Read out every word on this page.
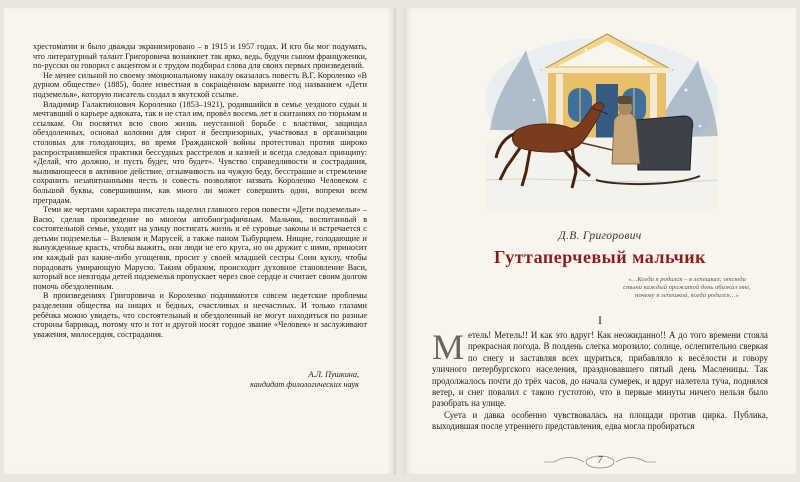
хрестоматии и было дважды экранизировано – в 1915 и 1957 годах. И кто бы мог подумать, что литературный талант Григоровича возникнет так ярко, ведь, будучи сыном француженки, по-русски он говорил с акцентом и с трудом подбирал слова для своих первых произведений.

Не менее сильной по своему эмоциональному накалу оказалась повесть В.Г. Короленко «В дурном обществе» (1885), более известная в сокращённом варианте под названием «Дети подземелья», которую писатель создал в якутской ссылке.

Владимир Галактионович Короленко (1853–1921), родившийся в семье уездного судьи и мечтавший о карьере адвоката, так и не стал им, провёл восемь лет в скитаниях по тюрьмам и ссылкам. Он посвятил всю свою жизнь неустанной борьбе с властями, защищал обездоленных, основал колонии для сирот и беспризорных, участвовал в организации столовых для голодающих, во время Гражданской войны протестовал против широко распространявшейся практики бессудных расстрелов и казней и всегда следовал принципу: «Делай, что должно, и пусть будет, что будет». Чувство справедливости и сострадания, выливающееся в активное действие, отзывчивость на чужую беду, бесстрашие и стремление сохранить незапятнанными честь и совесть позволяют назвать Короленко Человеком с большой буквы, совершившим, как много ли может совершить один, вопреки всем преградам.

Теми же чертами характера писатель наделил главного героя повести «Дети подземелья» – Васю, сделав произведение во многом автобиографичным. Мальчик, воспитанный в состоятельной семье, уходит на улицу постигать жизнь и её суровые законы и встречается с детьми подземелья – Валеком и Марусей, а также паном Тыбурцием. Нищие, голодающие и вынужденные красть, чтобы выжить, они люди не его круга, но он дружит с ними, приносит им каждый раз какие-либо угощения, просит у своей младшей сестры Сони куклу, чтобы порадовать умирающую Марусю. Таким образом, происходит духовное становление Васи, который все невзгоды детей подземелья пропускает через своё сердце и считает своим долгом помочь обездоленным.

В произведениях Григоровича и Короленко поднимаются совсем недетские проблемы разделения общества на нищих и бедных, счастливых и несчастных. И только глазами ребёнка можно увидеть, что состоятельный и обездоленный не могут находиться по разные стороны баррикад, потому что и тот и другой носят гордое звание «Человек» и заслуживают уважения, милосердия, сострадания.

А.Л. Пушкина,
кандидат филологических наук
Д.В. Григорович
Гуттаперчевый мальчик
«…Когда я родился – в лепешках; отсюда стыни каждый прожитой день обижал мне, почему я лепешкой, когда родился…»
I

Метель! Метель!! И как это вдруг! Как неожиданно!! А до того времени стояла прекрасная погода. В полдень слегка морозило; солнце, ослепительно сверкая по снегу и заставляя всех щуриться, прибавляло к весёлости и говору уличного петербургского населения, праздновавшего пятый день Масленицы. Так продолжалось почти до трёх часов, до начала сумерек, и вдруг налетела туча, поднялся ветер, и снег повалил с такою густотою, что в первые минуты ничего нельзя было разобрать на улице.

Суета и давка особенно чувствовалась на площади против цирка. Публика, выходившая после утреннего представления, едва могла пробираться

7
